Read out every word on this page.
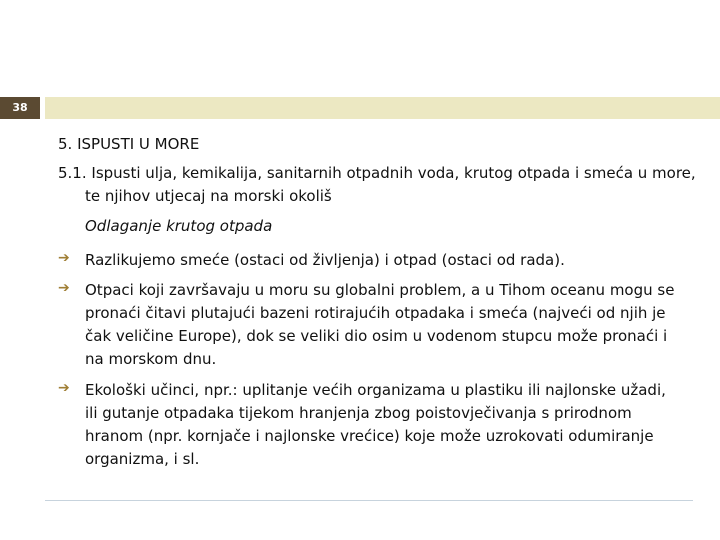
38
5. ISPUSTI U MORE
5.1. Ispusti ulja, kemikalija, sanitarnih otpadnih voda, krutog otpada i smeća u more, te njihov utjecaj na morski okoliš
Odlaganje krutog otpada
➔ Razlikujemo smeće (ostaci od življenja) i otpad (ostaci od rada).
➔ Otpaci koji završavaju u moru su globalni problem, a u Tihom oceanu mogu se pronaći čitavi plutajući bazeni rotirajućih otpadaka i smeća (najveći od njih je čak veličine Europe), dok se veliki dio osim u vodenom stupcu može pronaći i na morskom dnu.
➔ Ekološki učinci, npr.: uplitanje većih organizama u plastiku ili najlonske užadi, ili gutanje otpadaka tijekom hranjenja zbog poistovječivanja s prirodnom hranom (npr. kornjače i najlonske vrećice) koje može uzrokovati odumiranje organizma, i sl.
